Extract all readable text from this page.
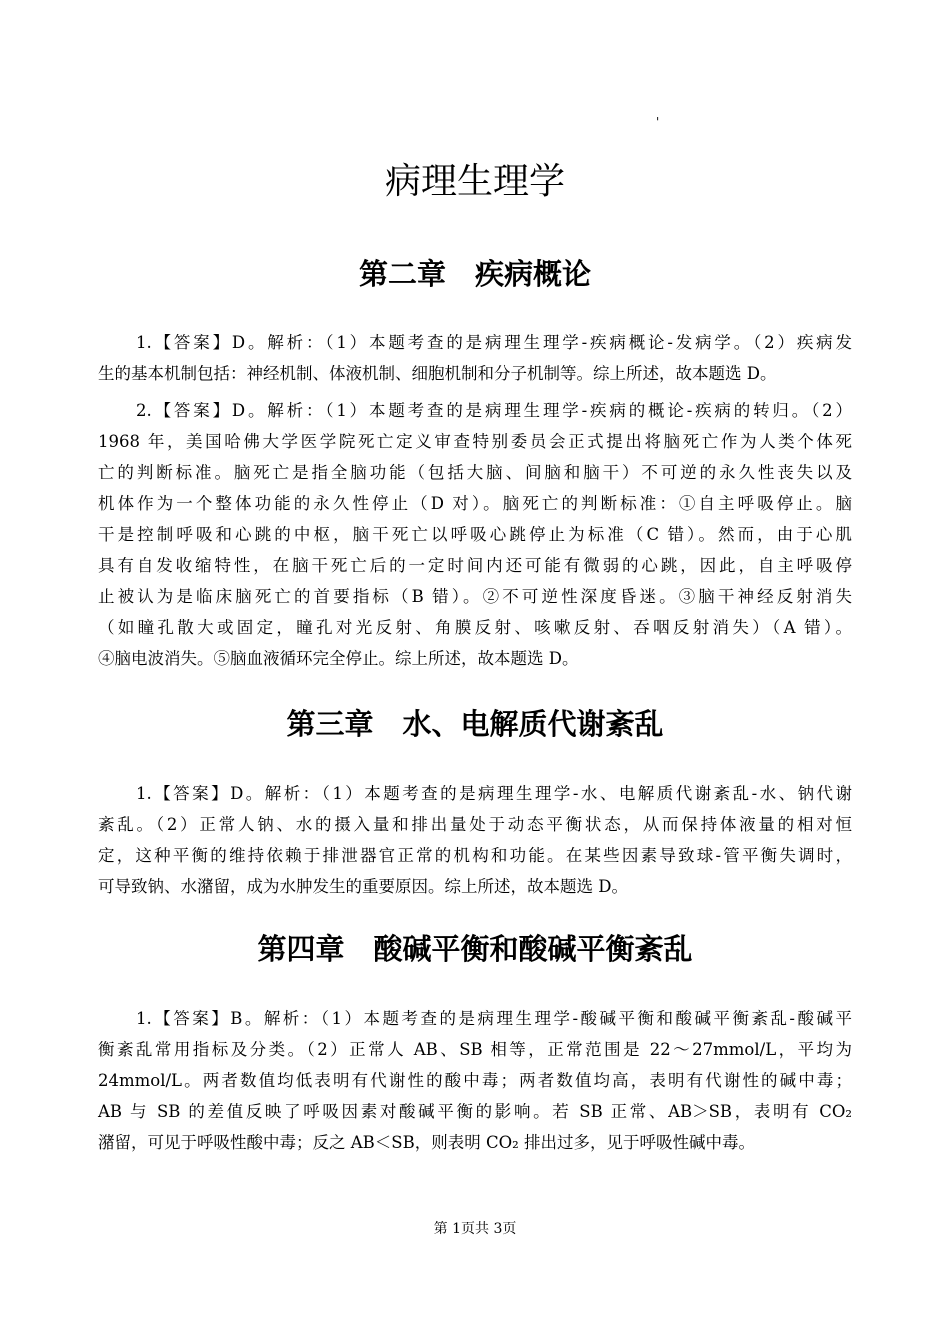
'
病理生理学
第二章　疾病概论
1.【答案】D。解析：（1）本题考查的是病理生理学-疾病概论-发病学。（2）疾病发
生的基本机制包括：神经机制、体液机制、细胞机制和分子机制等。综上所述，故本题选 D。
2.【答案】D。解析：（1）本题考查的是病理生理学-疾病的概论-疾病的转归。（2）
1968 年，美国哈佛大学医学院死亡定义审查特别委员会正式提出将脑死亡作为人类个体死
亡的判断标准。脑死亡是指全脑功能（包括大脑、间脑和脑干）不可逆的永久性丧失以及
机体作为一个整体功能的永久性停止（D 对）。脑死亡的判断标准：①自主呼吸停止。脑
干是控制呼吸和心跳的中枢，脑干死亡以呼吸心跳停止为标准（C 错）。然而，由于心肌
具有自发收缩特性，在脑干死亡后的一定时间内还可能有微弱的心跳，因此，自主呼吸停
止被认为是临床脑死亡的首要指标（B 错）。②不可逆性深度昏迷。③脑干神经反射消失
（如瞳孔散大或固定，瞳孔对光反射、角膜反射、咳嗽反射、吞咽反射消失）（A 错）。
④脑电波消失。⑤脑血液循环完全停止。综上所述，故本题选 D。
第三章　水、电解质代谢紊乱
1.【答案】D。解析：（1）本题考查的是病理生理学-水、电解质代谢紊乱-水、钠代谢
紊乱。（2）正常人钠、水的摄入量和排出量处于动态平衡状态，从而保持体液量的相对恒
定，这种平衡的维持依赖于排泄器官正常的机构和功能。在某些因素导致球-管平衡失调时，
可导致钠、水潴留，成为水肿发生的重要原因。综上所述，故本题选 D。
第四章　酸碱平衡和酸碱平衡紊乱
1.【答案】B。解析：（1）本题考查的是病理生理学-酸碱平衡和酸碱平衡紊乱-酸碱平
衡紊乱常用指标及分类。（2）正常人 AB、SB 相等，正常范围是 22～27mmol/L，平均为
24mmol/L。两者数值均低表明有代谢性的酸中毒；两者数值均高，表明有代谢性的碱中毒；
AB 与 SB 的差值反映了呼吸因素对酸碱平衡的影响。若 SB 正常、AB＞SB，表明有 CO₂
潴留，可见于呼吸性酸中毒；反之 AB＜SB，则表明 CO₂ 排出过多，见于呼吸性碱中毒。
第 1页共 3页
